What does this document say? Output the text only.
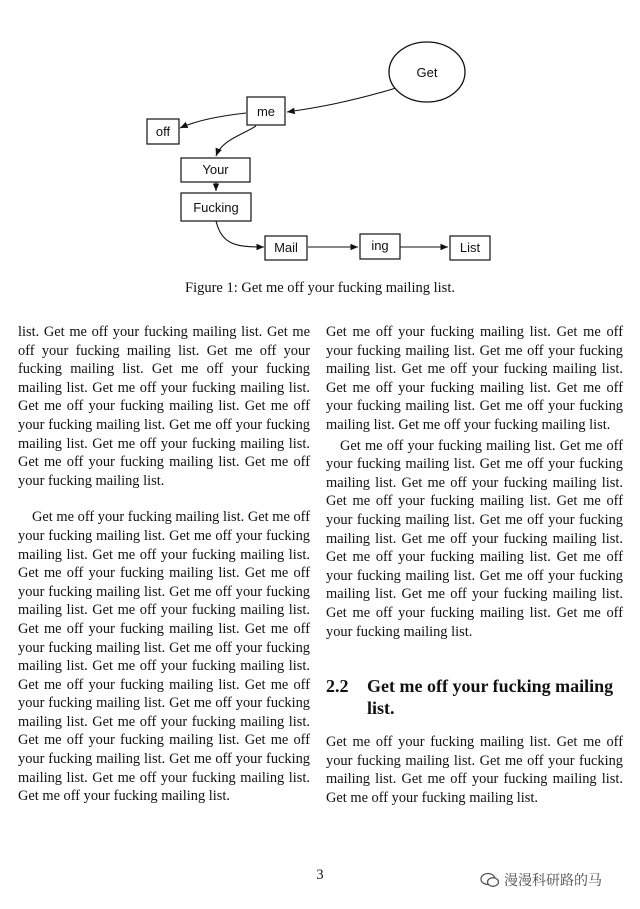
Get
me
off
Your
Fucking
Mail	ing	List
Figure 1: Get me off your fucking mailing list.

list. Get me off your fucking mailing list. Get me off your fucking mailing list. Get me off your fucking mailing list. Get me off your fucking mailing list. Get me off your fucking mailing list. Get me off your fucking mailing list. Get me off your fucking mailing list. Get me off your fucking mailing list. Get me off your fucking mailing list. Get me off your fucking mailing list. Get me off your fucking mailing list.

Get me off your fucking mailing list. Get me off your fucking mailing list. Get me off your fucking mailing list. Get me off your fucking mailing list. Get me off your fucking mailing list. Get me off your fucking mailing list. Get me off your fucking mailing list. Get me off your fucking mailing list. Get me off your fucking mailing list. Get me off your fucking mailing list. Get me off your fucking mailing list. Get me off your fucking mailing list. Get me off your fucking mailing list. Get me off your fucking mailing list. Get me off your fucking mailing list. Get me off your fucking mailing list. Get me off your fucking mailing list. Get me off your fucking mailing list. Get me off your fucking mailing list. Get me off your fucking mailing list. Get me off your fucking mailing list.

Get me off your fucking mailing list. Get me off your fucking mailing list. Get me off your fucking mailing list. Get me off your fucking mailing list. Get me off your fucking mailing list. Get me off your fucking mailing list. Get me off your fucking mailing list. Get me off your fucking mailing list.

Get me off your fucking mailing list. Get me off your fucking mailing list. Get me off your fucking mailing list. Get me off your fucking mailing list. Get me off your fucking mailing list. Get me off your fucking mailing list. Get me off your fucking mailing list. Get me off your fucking mailing list. Get me off your fucking mailing list. Get me off your fucking mailing list. Get me off your fucking mailing list. Get me off your fucking mailing list. Get me off your fucking mailing list. Get me off your fucking mailing list.

2.2	Get me off your fucking mailing list.

Get me off your fucking mailing list. Get me off your fucking mailing list. Get me off your fucking mailing list. Get me off your fucking mailing list. Get me off your fucking mailing list.

3	漫漫科研路的马
